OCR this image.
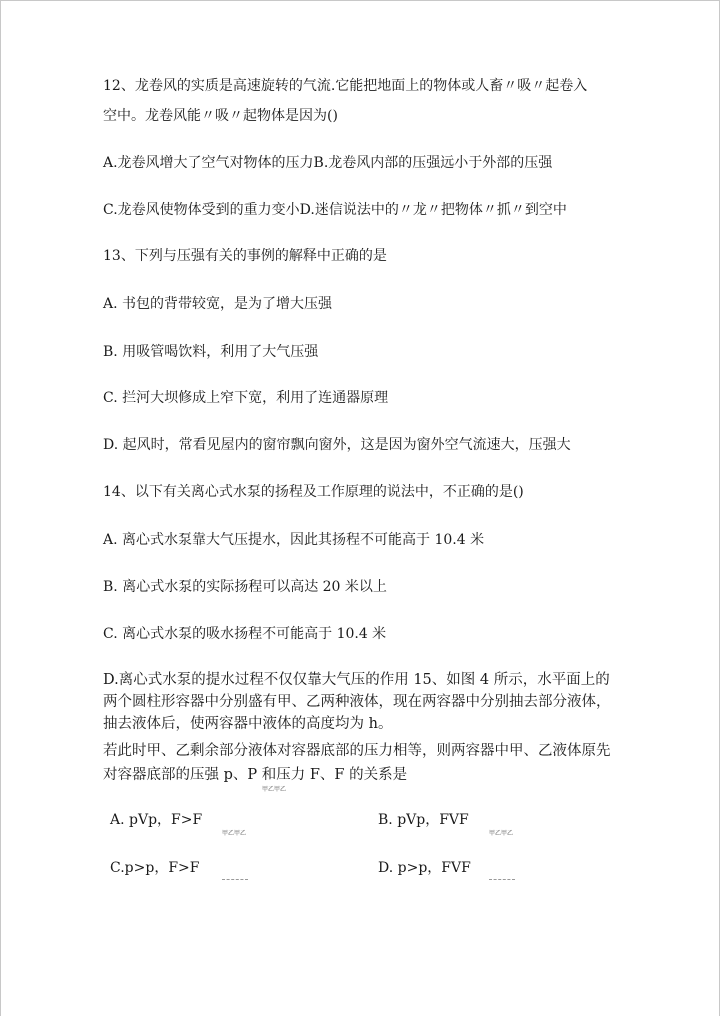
12、龙卷风的实质是高速旋转的气流.它能把地面上的物体或人畜〃吸〃起卷入
空中。龙卷风能〃吸〃起物体是因为()
A.龙卷风增大了空气对物体的压力B.龙卷风内部的压强远小于外部的压强
C.龙卷风使物体受到的重力变小D.迷信说法中的〃龙〃把物体〃抓〃到空中
13、下列与压强有关的事例的解释中正确的是
A. 书包的背带较宽，是为了增大压强
B. 用吸管喝饮料，利用了大气压强
C. 拦河大坝修成上窄下宽，利用了连通器原理
D. 起风时，常看见屋内的窗帘飘向窗外，这是因为窗外空气流速大，压强大
14、以下有关离心式水泵的扬程及工作原理的说法中，不正确的是()
A. 离心式水泵靠大气压提水，因此其扬程不可能高于 10.4 米
B. 离心式水泵的实际扬程可以高达 20 米以上
C. 离心式水泵的吸水扬程不可能高于 10.4 米
D.离心式水泵的提水过程不仅仅靠大气压的作用 15、如图 4 所示，水平面上的
两个圆柱形容器中分别盛有甲、乙两种液体，现在两容器中分别抽去部分液体，
抽去液体后，使两容器中液体的高度均为 h。
若此时甲、乙剩余部分液体对容器底部的压力相等，则两容器中甲、乙液体原先
对容器底部的压强 p、P 和压力 F、F 的关系是
甲乙甲乙
A. pVp，F>F
甲乙甲乙
B. pVp，FVF
甲乙甲乙
C.p>p，F>F	D. p>p，FVF
